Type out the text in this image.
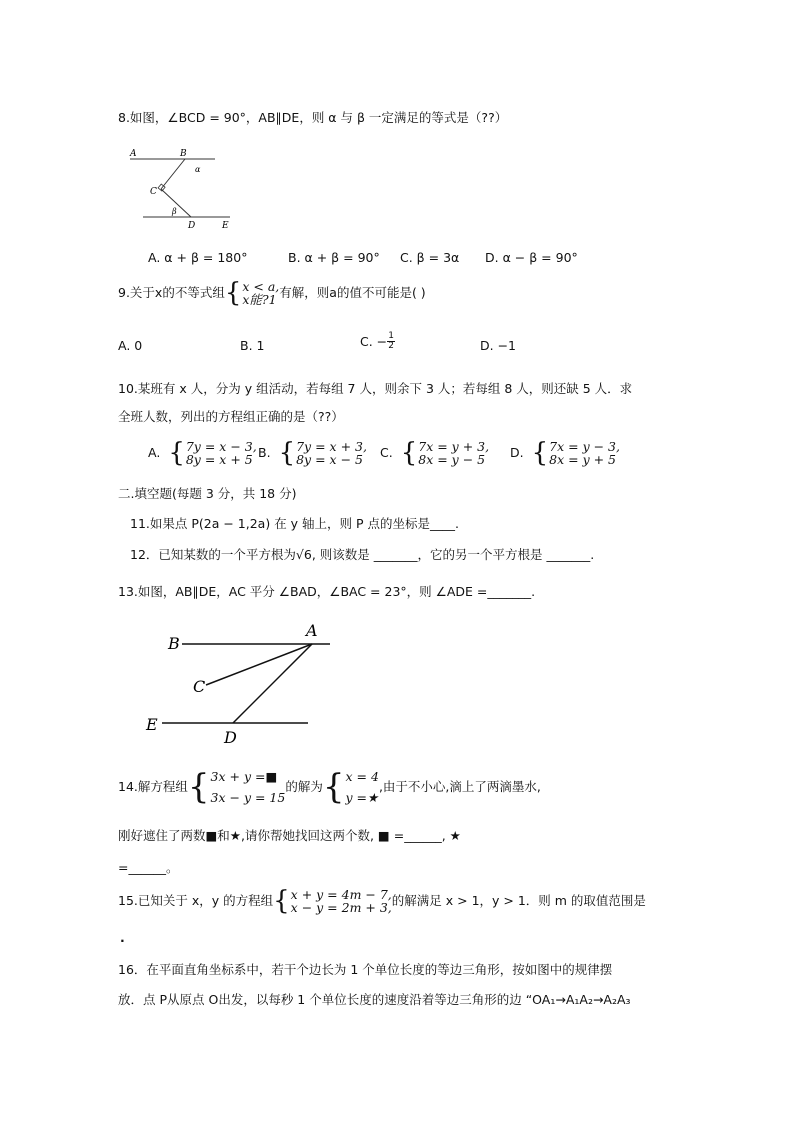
8.如图，∠BCD = 90°，AB∥DE，则 α 与 β 一定满足的等式是（??）
A	B
α
C
β
D	E
A. α + β = 180°	B. α + β = 90° C. β = 3α D. α − β = 90°
9.关于x的不等式组 { x < a,
x能?1 有解，则a的值不可能是( )
A. 0	B. 1	C. − $\frac{1}{2}$	D. −1
10.某班有 x 人，分为 y 组活动，若每组 7 人，则余下 3 人；若每组 8 人，则还缺 5 人．求
全班人数，列出的方程组正确的是（??）
A. { 7y = x − 3,
8y = x + 5 B. { 7y = x + 3,
8y = x − 5	C. { 7x = y + 3,
8x = y − 5	D. { 7x = y − 3,
8x = y + 5
二.填空题(每题 3 分，共 18 分)
11.如果点 P(2a − 1,2a) 在 y 轴上，则 P 点的坐标是____.
12．已知某数的一个平方根为√6, 则该数是 _______，它的另一个平方根是 _______.
13.如图，AB∥DE，AC 平分 ∠BAD，∠BAC = 23°，则 ∠ADE =_______.
A
B
C
E
D
14.解方程组 { 3x + y =■
3x − y = 15
的解为 { x = 4
y =★
,由于不小心,滴上了两滴墨水,
刚好遮住了两数■和★,请你帮她找回这两个数, ■ =______, ★
=______。
15.已知关于 x，y 的方程组 { x + y = 4m − 7,
x − y = 2m + 3, 的解满足 x > 1，y > 1．则 m 的取值范围是
.
16．在平面直角坐标系中，若干个边长为 1 个单位长度的等边三角形，按如图中的规律摆
放．点 P从原点 O出发，以每秒 1 个单位长度的速度沿着等边三角形的边 “OA₁→A₁A₂→A₂A₃
